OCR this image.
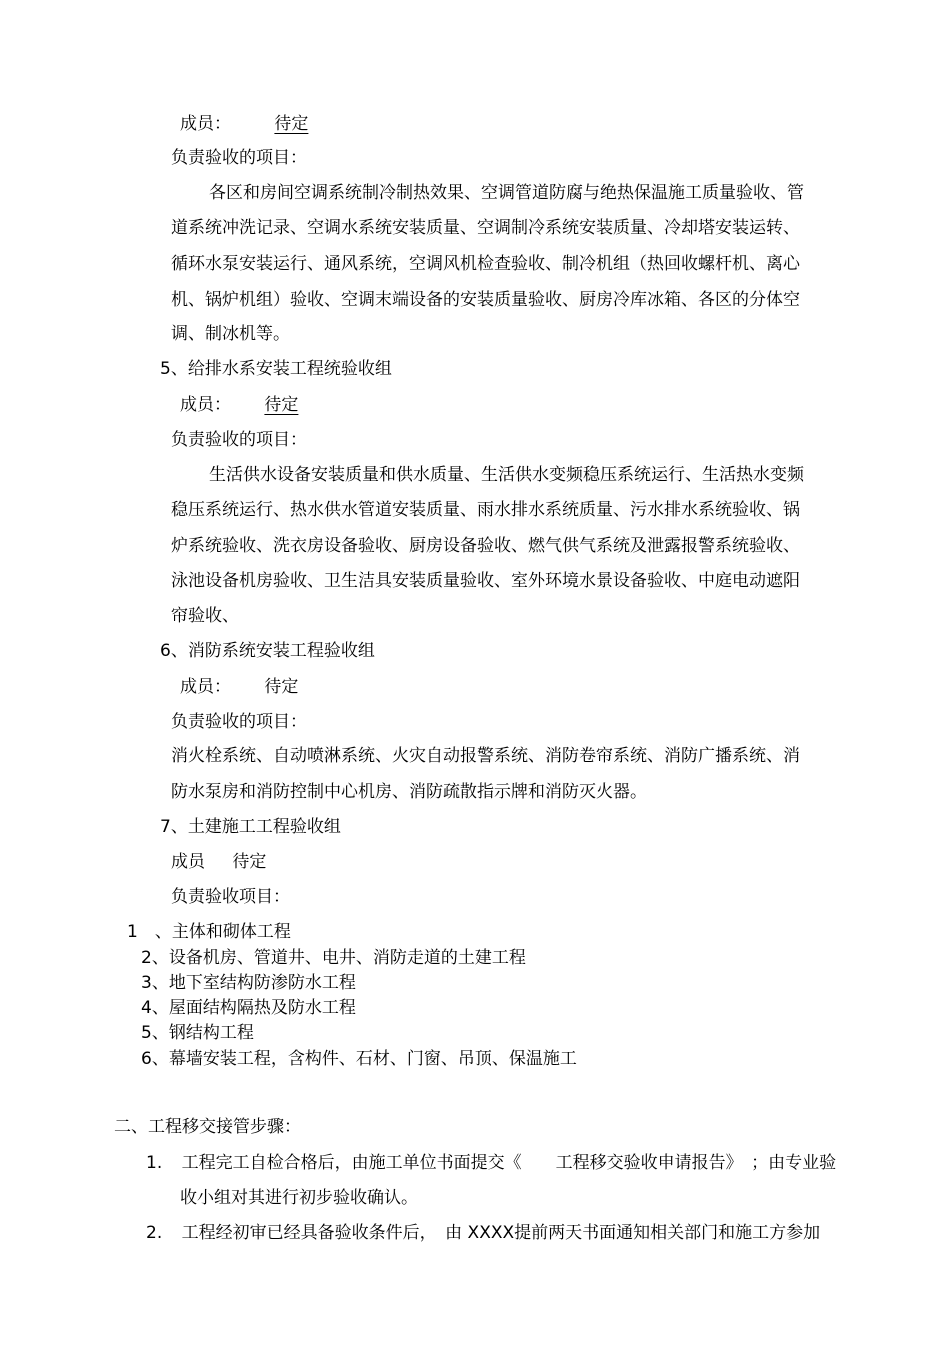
成员：	待定
负责验收的项目：
各区和房间空调系统制冷制热效果、空调管道防腐与绝热保温施工质量验收、管
道系统冲洗记录、空调水系统安装质量、空调制冷系统安装质量、冷却塔安装运转、
循环水泵安装运行、通风系统，空调风机检查验收、制冷机组（热回收螺杆机、离心
机、锅炉机组）验收、空调末端设备的安装质量验收、厨房冷库冰箱、各区的分体空
调、制冰机等。
5、给排水系安装工程统验收组
成员： 待定
负责验收的项目：
生活供水设备安装质量和供水质量、生活供水变频稳压系统运行、生活热水变频
稳压系统运行、热水供水管道安装质量、雨水排水系统质量、污水排水系统验收、锅
炉系统验收、洗衣房设备验收、厨房设备验收、燃气供气系统及泄露报警系统验收、
泳池设备机房验收、卫生洁具安装质量验收、室外环境水景设备验收、中庭电动遮阳
帘验收、
6、消防系统安装工程验收组
成员： 待定
负责验收的项目：
消火栓系统、自动喷淋系统、火灾自动报警系统、消防卷帘系统、消防广播系统、消
防水泵房和消防控制中心机房、消防疏散指示牌和消防灭火器。
7、土建施工工程验收组
成员 待定
负责验收项目：
1　、主体和砌体工程
2、设备机房、管道井、电井、消防走道的土建工程
3、地下室结构防渗防水工程
4、屋面结构隔热及防水工程
5、钢结构工程
6、幕墙安装工程，含构件、石材、门窗、吊顶、保温施工
二、工程移交接管步骤：
1. 工程完工自检合格后，由施工单位书面提交《　　工程移交验收申请报告》　；由专业验
收小组对其进行初步验收确认。
2. 工程经初审已经具备验收条件后，　由 XXXX提前两天书面通知相关部门和施工方参加
